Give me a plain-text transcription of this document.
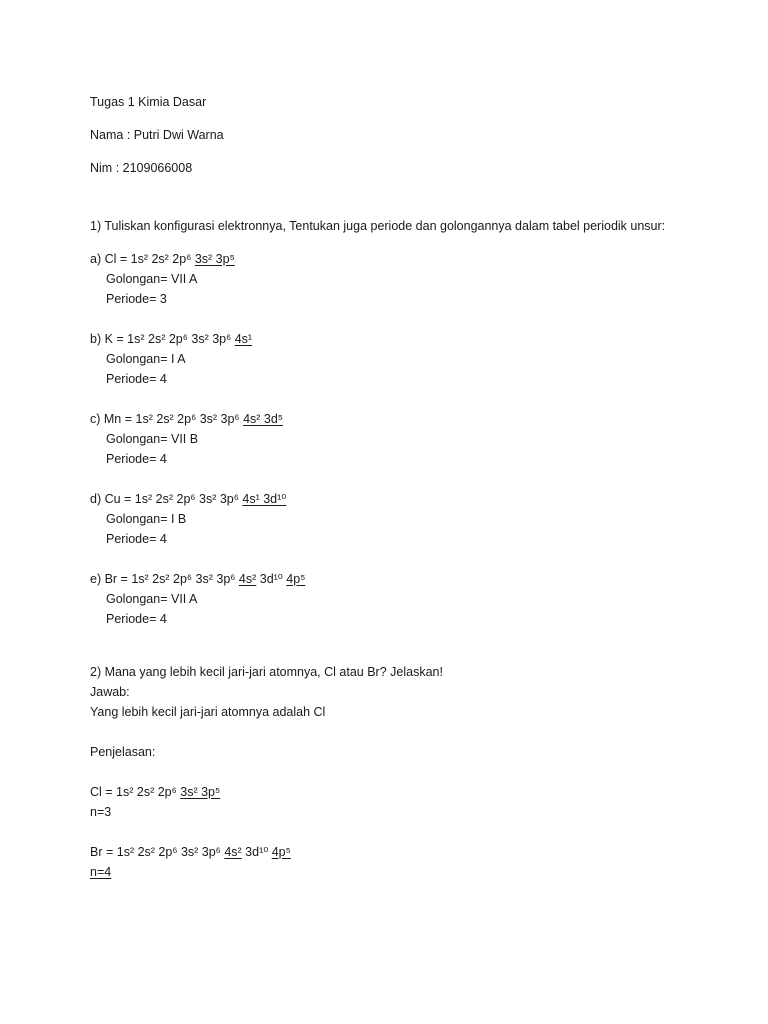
Tugas 1 Kimia Dasar
Nama : Putri Dwi Warna
Nim : 2109066008
1) Tuliskan konfigurasi elektronnya, Tentukan juga periode dan golongannya dalam tabel periodik unsur:
a) Cl = 1s² 2s² 2p⁶ 3s² 3p⁵
Golongan= VII A
Periode= 3
b) K = 1s² 2s² 2p⁶ 3s² 3p⁶ 4s¹
Golongan= I A
Periode= 4
c) Mn = 1s² 2s² 2p⁶ 3s² 3p⁶ 4s² 3d⁵
Golongan= VII B
Periode= 4
d) Cu = 1s² 2s² 2p⁶ 3s² 3p⁶ 4s¹ 3d¹⁰
Golongan= I B
Periode= 4
e) Br = 1s² 2s² 2p⁶ 3s² 3p⁶ 4s² 3d¹⁰ 4p⁵
Golongan= VII A
Periode= 4
2) Mana yang lebih kecil jari-jari atomnya, Cl atau Br? Jelaskan!
Jawab:
Yang lebih kecil jari-jari atomnya adalah Cl
Penjelasan:
Cl = 1s² 2s² 2p⁶ 3s² 3p⁵
n=3
Br = 1s² 2s² 2p⁶ 3s² 3p⁶ 4s² 3d¹⁰ 4p⁵
n=4
